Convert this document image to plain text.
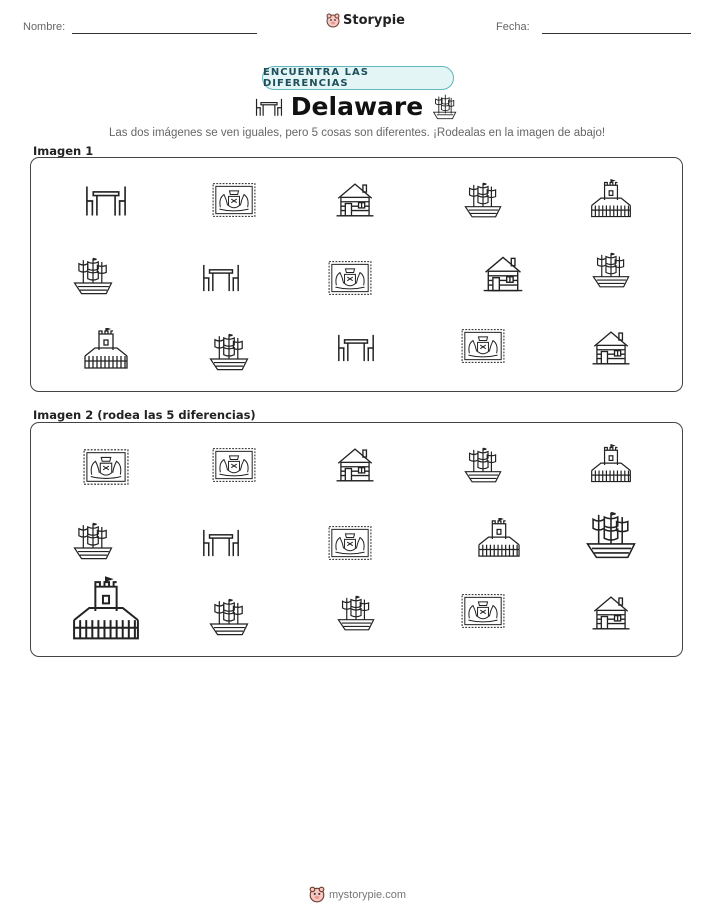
Nombre:	Storypie	Fecha:
ENCUENTRA LAS DIFERENCIAS
Delaware
Las dos imágenes se ven iguales, pero 5 cosas son diferentes. ¡Rodealas en la imagen de abajo!
Imagen 1
Imagen 2 (rodea las 5 diferencias)
mystorypie.com
